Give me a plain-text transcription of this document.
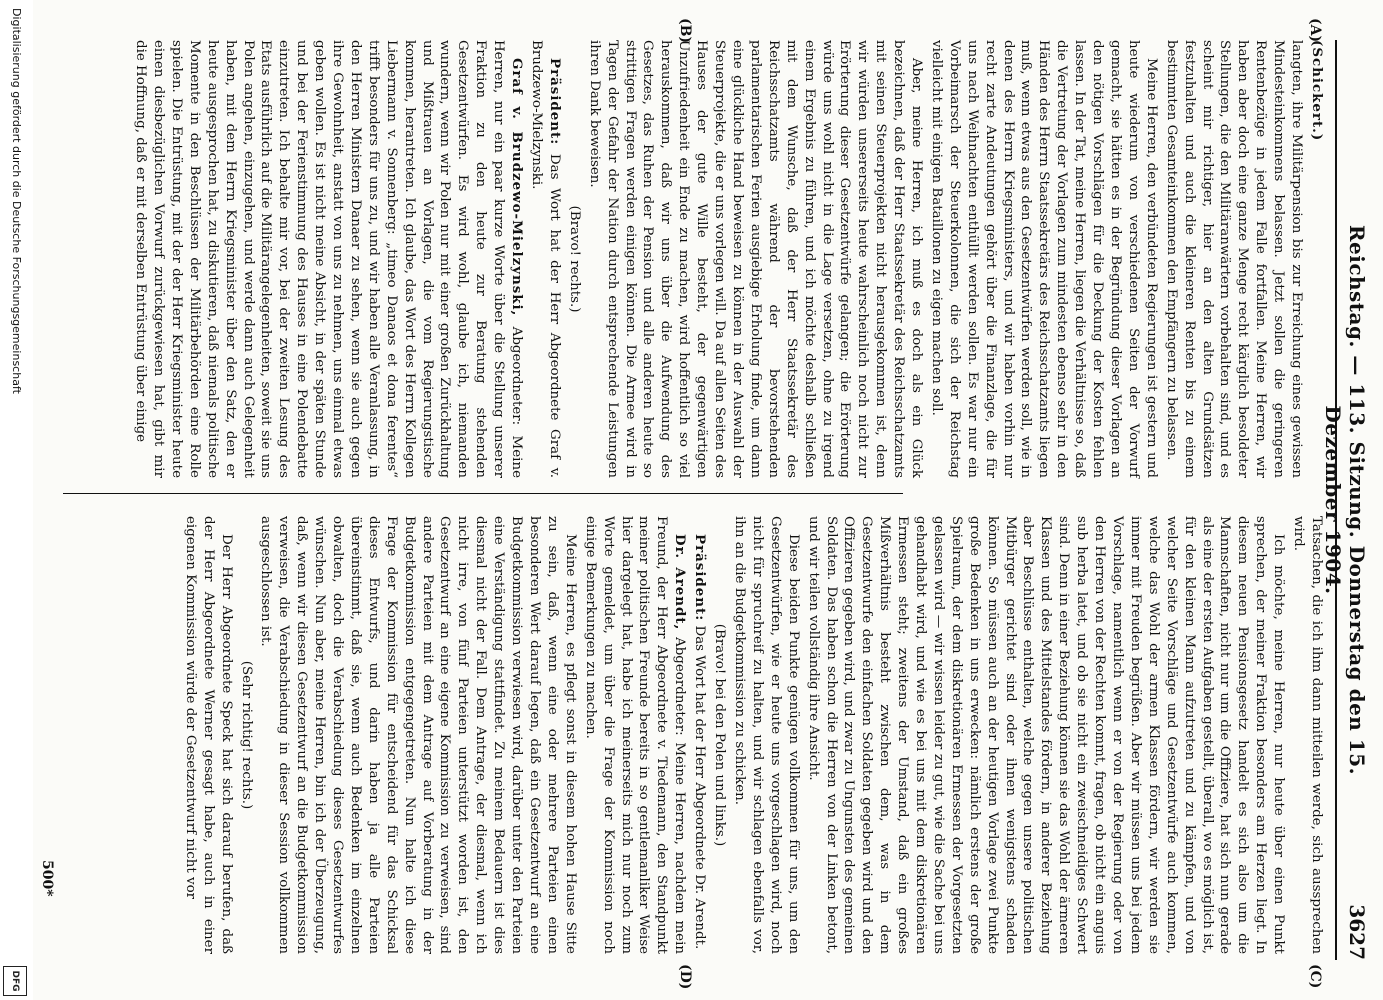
Reichstag. — 113. Sitzung. Donnerstag den 15. Dezember 1904.
3627
(A)
(B)
(C)
(D)

(Schickert.)

langten, ihre Militärpension bis zur Erreichung eines gewissen Mindesteinkommens belassen. Jetzt sollen die geringeren Rentenbezüge in jedem Falle fortfallen. Meine Herren, wir haben aber doch eine ganze Menge recht kärglich besoldeter Stellungen, die den Militäranwärtern vorbehalten sind, und es scheint mir richtiger, hier an den alten Grundsätzen festzuhalten und auch die kleineren Renten bis zu einem bestimmten Gesamteinkommen den Empfängern zu belassen.

Meine Herren, den verbündeten Regierungen ist gestern und heute wiederum von verschiedenen Seiten der Vorwurf gemacht, sie hätten es in der Begründung dieser Vorlagen an den nötigen Vorschlägen für die Deckung der Kosten fehlen lassen. In der Tat, meine Herren, liegen die Verhältnisse so, daß die Vertretung der Vorlagen zum mindesten ebenso sehr in den Händen des Herrn Staatssekretärs des Reichsschatzamts liegen muß, wenn etwas aus den Gesetzentwürfen werden soll, wie in denen des Herrn Kriegsministers, und wir haben vorhin nur recht zarte Andeutungen gehört über die Finanzlage, die für uns nach Weihnachten enthüllt werden sollen. Es war nur ein Vorbeimarsch der Steuerkolonnen, die sich der Reichstag vielleicht mit einigen Bataillonen zu eigen machen soll.

Aber, meine Herren, ich muß es doch als ein Glück bezeichnen, daß der Herr Staatssekretär des Reichsschatzamts mit seinen Steuerprojekten nicht herausgekommen ist, denn wir würden unsererseits heute wahrscheinlich noch nicht zur Erörterung dieser Gesetzentwürfe gelangen; die Erörterung würde uns wohl nicht in die Lage versetzen, ohne zu irgend einem Ergebnis zu führen, und ich möchte deshalb schließen mit dem Wunsche, daß der Herr Staatssekretär des Reichsschatzamts während der bevorstehenden parlamentarischen Ferien ausgiebige Erholung finde, um dann eine glückliche Hand beweisen zu können in der Auswahl der Steuerprojekte, die er uns vorlegen will. Da auf allen Seiten des Hauses der gute Wille besteht, der gegenwärtigen Unzufriedenheit ein Ende zu machen, wird hoffentlich so viel herauskommen, daß wir uns über die Aufwendung des Gesetzes, das Ruhen der Pension und alle anderen heute so strittigen Fragen werden einigen können. Die Armee wird in Tagen der Gefahr der Nation durch entsprechende Leistungen ihren Dank beweisen.

(Bravo! rechts.)

Präsident: Das Wort hat der Herr Abgeordnete Graf v. Brudzewo-Mielzynski.

Graf v. Brudzewo-Mielzynski, Abgeordneter: Meine Herren, nur ein paar kurze Worte über die Stellung unserer Fraktion zu den heute zur Beratung stehenden Gesetzentwürfen. Es wird wohl, glaube ich, niemanden wundern, wenn wir Polen nur mit einer großen Zurückhaltung und Mißtrauen an Vorlagen, die vom Regierungstische kommen, herantreten. Ich glaube, das Wort des Herrn Kollegen Liebermann v. Sonnenberg: „timeo Danaos et dona ferentes“ trifft besonders für uns zu, und wir haben alle Veranlassung, in den Herren Ministern Danaer zu sehen, wenn sie auch gegen ihre Gewohnheit, anstatt von uns zu nehmen, uns einmal etwas geben wollen. Es ist nicht meine Absicht, in der späten Stunde und bei der Ferienstimmung des Hauses in eine Polendebatte einzutreten. Ich behalte mir vor, bei der zweiten Lesung des Etats ausführlich auf die Militärangelegenheiten, soweit sie uns Polen angehen, einzugehen, und werde dann auch Gelegenheit haben, mit dem Herrn Kriegsminister über den Satz, den er heute ausgesprochen hat, zu diskutieren, daß niemals politische Momente in den Beschlüssen der Militärbehörden eine Rolle spielen. Die Entrüstung, mit der der Herr Kriegsminister heute einen diesbezüglichen Vorwurf zurückgewiesen hat, gibt mir die Hoffnung, daß er mit derselben Entrüstung über einige

Tatsachen, die ich ihm dann mitteilen werde, sich aussprechen wird.

Ich möchte, meine Herren, nur heute über einen Punkt sprechen, der meiner Fraktion besonders am Herzen liegt. In diesem neuen Pensionsgesetz handelt es sich also um die Mannschaften, nicht nur um die Offiziere, hat sich nun gerade als eine der ersten Aufgaben gestellt, überall, wo es möglich ist, für den kleinen Mann aufzutreten und zu kämpfen, und von welcher Seite Vorschläge und Gesetzentwürfe auch kommen, welche das Wohl der armen Klassen fördern, wir werden sie immer mit Freuden begrüßen. Aber wir müssen uns bei jedem Vorschlage, namentlich wenn er von der Regierung oder von den Herren von der Rechten kommt, fragen, ob nicht ein anguis sub herba latet, und ob sie nicht ein zweischneidiges Schwert sind. Denn in einer Beziehung können sie das Wohl der ärmeren Klassen und des Mittelstandes fördern, in anderer Beziehung aber Beschlüsse enthalten, welche gegen unsere politischen Mitbürger gerichtet sind oder ihnen wenigstens schaden können. So müssen auch an der heutigen Vorlage zwei Punkte große Bedenken in uns erwecken: nämlich erstens der große Spielraum, der dem diskretionären Ermessen der Vorgesetzten gelassen wird — wir wissen leider zu gut, wie die Sache bei uns gehandhabt wird, und wie es bei uns mit dem diskretionären Ermessen steht; zweitens der Umstand, daß ein großes Mißverhältnis besteht zwischen dem, was in dem Gesetzentwurfe den einfachen Soldaten gegeben wird und den Offizieren gegeben wird, und zwar zu Ungunsten des gemeinen Soldaten. Das haben schon die Herren von der Linken betont, und wir teilen vollständig ihre Ansicht.

Diese beiden Punkte genügen vollkommen für uns, um den Gesetzentwürfen, wie er heute uns vorgeschlagen wird, noch nicht für spruchreif zu halten, und wir schlagen ebenfalls vor, ihn an die Budgetkommission zu schicken.

(Bravo! bei den Polen und links.)

Präsident: Das Wort hat der Herr Abgeordnete Dr. Arendt.

Dr. Arendt, Abgeordneter: Meine Herren, nachdem mein Freund, der Herr Abgeordnete v. Tiedemann, den Standpunkt meiner politischen Freunde bereits in so gentlemanliker Weise hier dargelegt hat, habe ich meinerseits mich nur noch zum Worte gemeldet, um über die Frage der Kommission noch einige Bemerkungen zu machen.

Meine Herren, es pflegt sonst in diesem hohen Hause Sitte zu sein, daß, wenn eine oder mehrere Parteien einen besonderen Wert darauf legen, daß ein Gesetzentwurf an eine Budgetkommission verwiesen wird, darüber unter den Parteien eine Verständigung stattfindet. Zu meinem Bedauern ist dies diesmal nicht der Fall. Dem Antrage, der diesmal, wenn ich nicht irre, von fünf Parteien unterstützt worden ist, den Gesetzentwurf an eine eigene Kommission zu verweisen, sind andere Parteien mit dem Antrage auf Vorberatung in der Budgetkommission entgegengetreten. Nun halte ich diese Frage der Kommission für entscheidend für das Schicksal dieses Entwurfs, und darin haben ja alle Parteien übereinstimmt, daß sie, wenn auch Bedenken im einzelnen obwalten, doch die Verabschiedung dieses Gesetzentwurfes wünschen. Nun aber, meine Herren, bin ich der Überzeugung, daß, wenn wir diesen Gesetzentwurf an die Budgetkommission verweisen, die Verabschiedung in dieser Session vollkommen ausgeschlossen ist.

(Sehr richtig! rechts.)

Der Herr Abgeordnete Speck hat sich darauf berufen, daß der Herr Abgeordnete Werner gesagt habe, auch in einer eigenen Kommission würde der Gesetzentwurf nicht vor

500*
Digitalisierung gefördert durch die Deutsche Forschungsgemeinschaft
DFG
